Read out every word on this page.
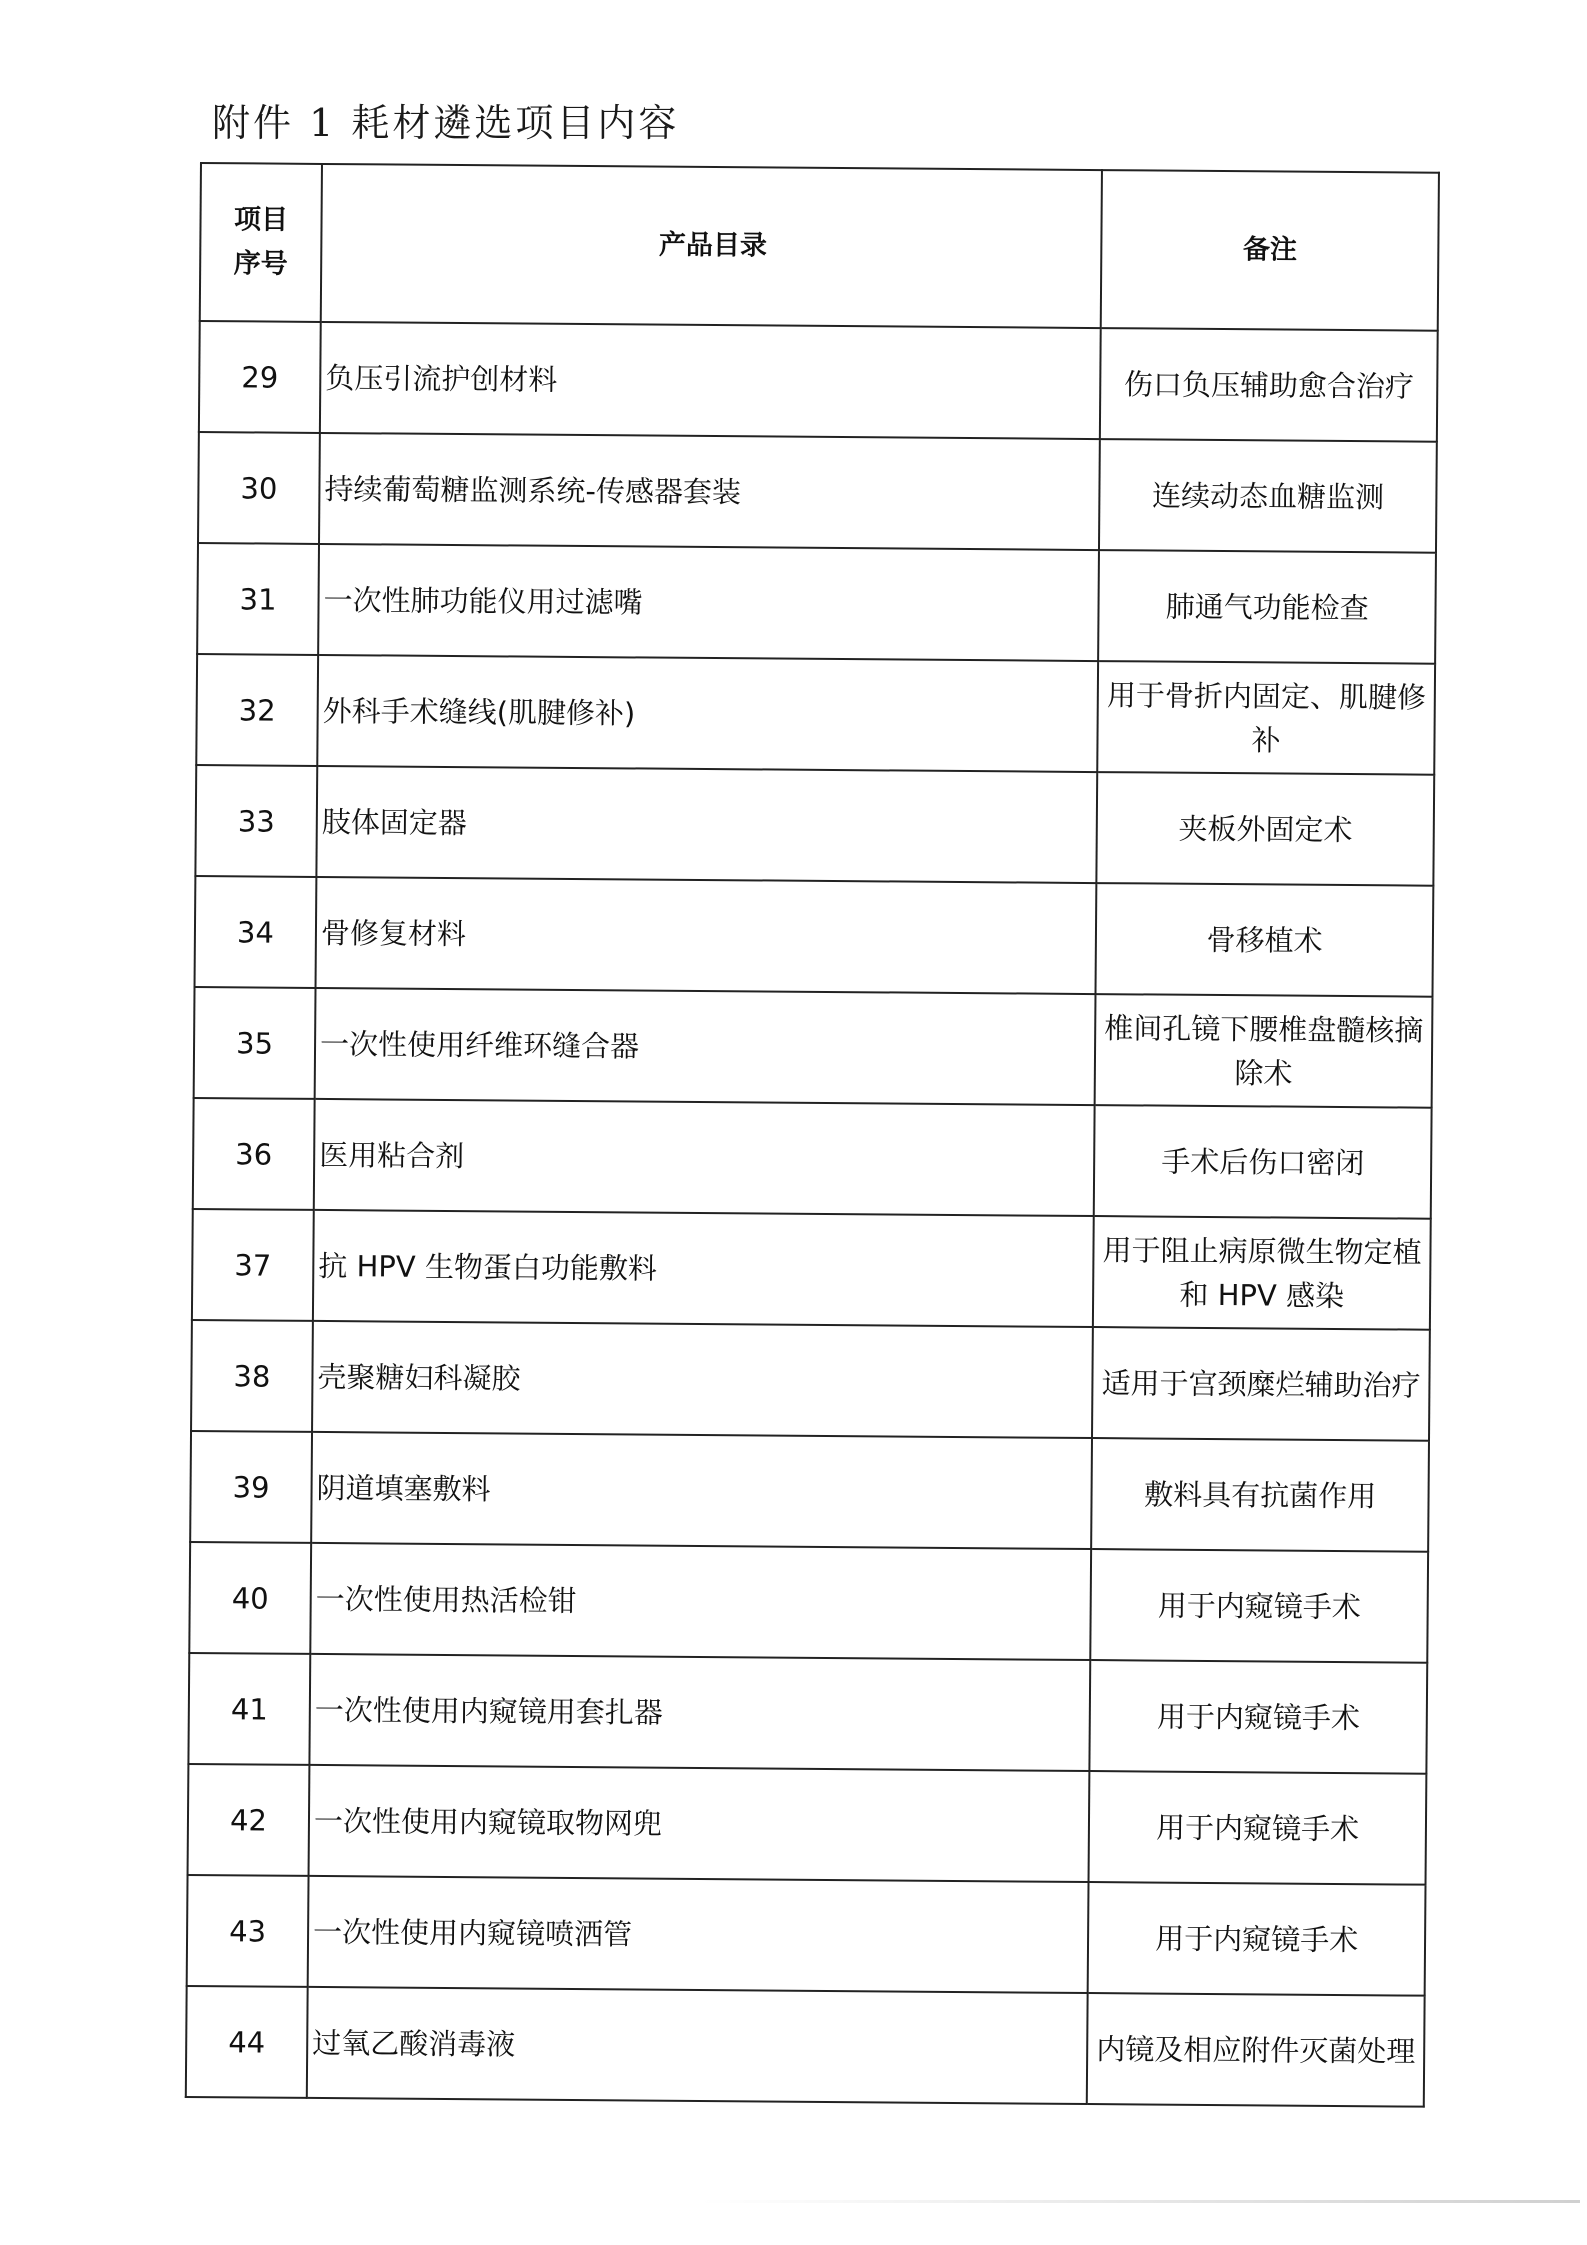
附件 1 耗材遴选项目内容
项目
序号	产品目录	备注
29	负压引流护创材料	伤口负压辅助愈合治疗
30	持续葡萄糖监测系统-传感器套装	连续动态血糖监测
31	一次性肺功能仪用过滤嘴	肺通气功能检查
32	外科手术缝线(肌腱修补)	用于骨折内固定、肌腱修补
33	肢体固定器	夹板外固定术
34	骨修复材料	骨移植术
35	一次性使用纤维环缝合器	椎间孔镜下腰椎盘髓核摘除术
36	医用粘合剂	手术后伤口密闭
37	抗 HPV 生物蛋白功能敷料	用于阻止病原微生物定植和 HPV 感染
38	壳聚糖妇科凝胶	适用于宫颈糜烂辅助治疗
39	阴道填塞敷料	敷料具有抗菌作用
40	一次性使用热活检钳	用于内窥镜手术
41	一次性使用内窥镜用套扎器	用于内窥镜手术
42	一次性使用内窥镜取物网兜	用于内窥镜手术
43	一次性使用内窥镜喷洒管	用于内窥镜手术
44	过氧乙酸消毒液	内镜及相应附件灭菌处理
